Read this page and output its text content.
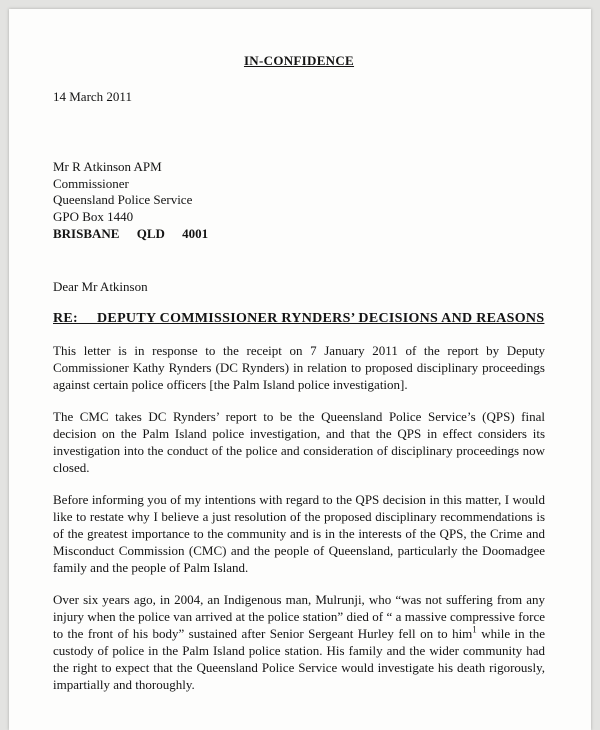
IN-CONFIDENCE
14 March 2011
Mr R Atkinson APM
Commissioner
Queensland Police Service
GPO Box 1440
BRISBANE QLD 4001
Dear Mr Atkinson
RE: DEPUTY COMMISSIONER RYNDERS’ DECISIONS AND REASONS

This letter is in response to the receipt on 7 January 2011 of the report by Deputy Commissioner Kathy Rynders (DC Rynders) in relation to proposed disciplinary proceedings against certain police officers [the Palm Island police investigation].

The CMC takes DC Rynders’ report to be the Queensland Police Service’s (QPS) final decision on the Palm Island police investigation, and that the QPS in effect considers its investigation into the conduct of the police and consideration of disciplinary proceedings now closed.

Before informing you of my intentions with regard to the QPS decision in this matter, I would like to restate why I believe a just resolution of the proposed disciplinary recommendations is of the greatest importance to the community and is in the interests of the QPS, the Crime and Misconduct Commission (CMC) and the people of Queensland, particularly the Doomadgee family and the people of Palm Island.

Over six years ago, in 2004, an Indigenous man, Mulrunji, who “was not suffering from any injury when the police van arrived at the police station” died of “ a massive compressive force to the front of his body” sustained after Senior Sergeant Hurley fell on to him$^1$ while in the custody of police in the Palm Island police station. His family and the wider community had the right to expect that the Queensland Police Service would investigate his death rigorously, impartially and thoroughly.
